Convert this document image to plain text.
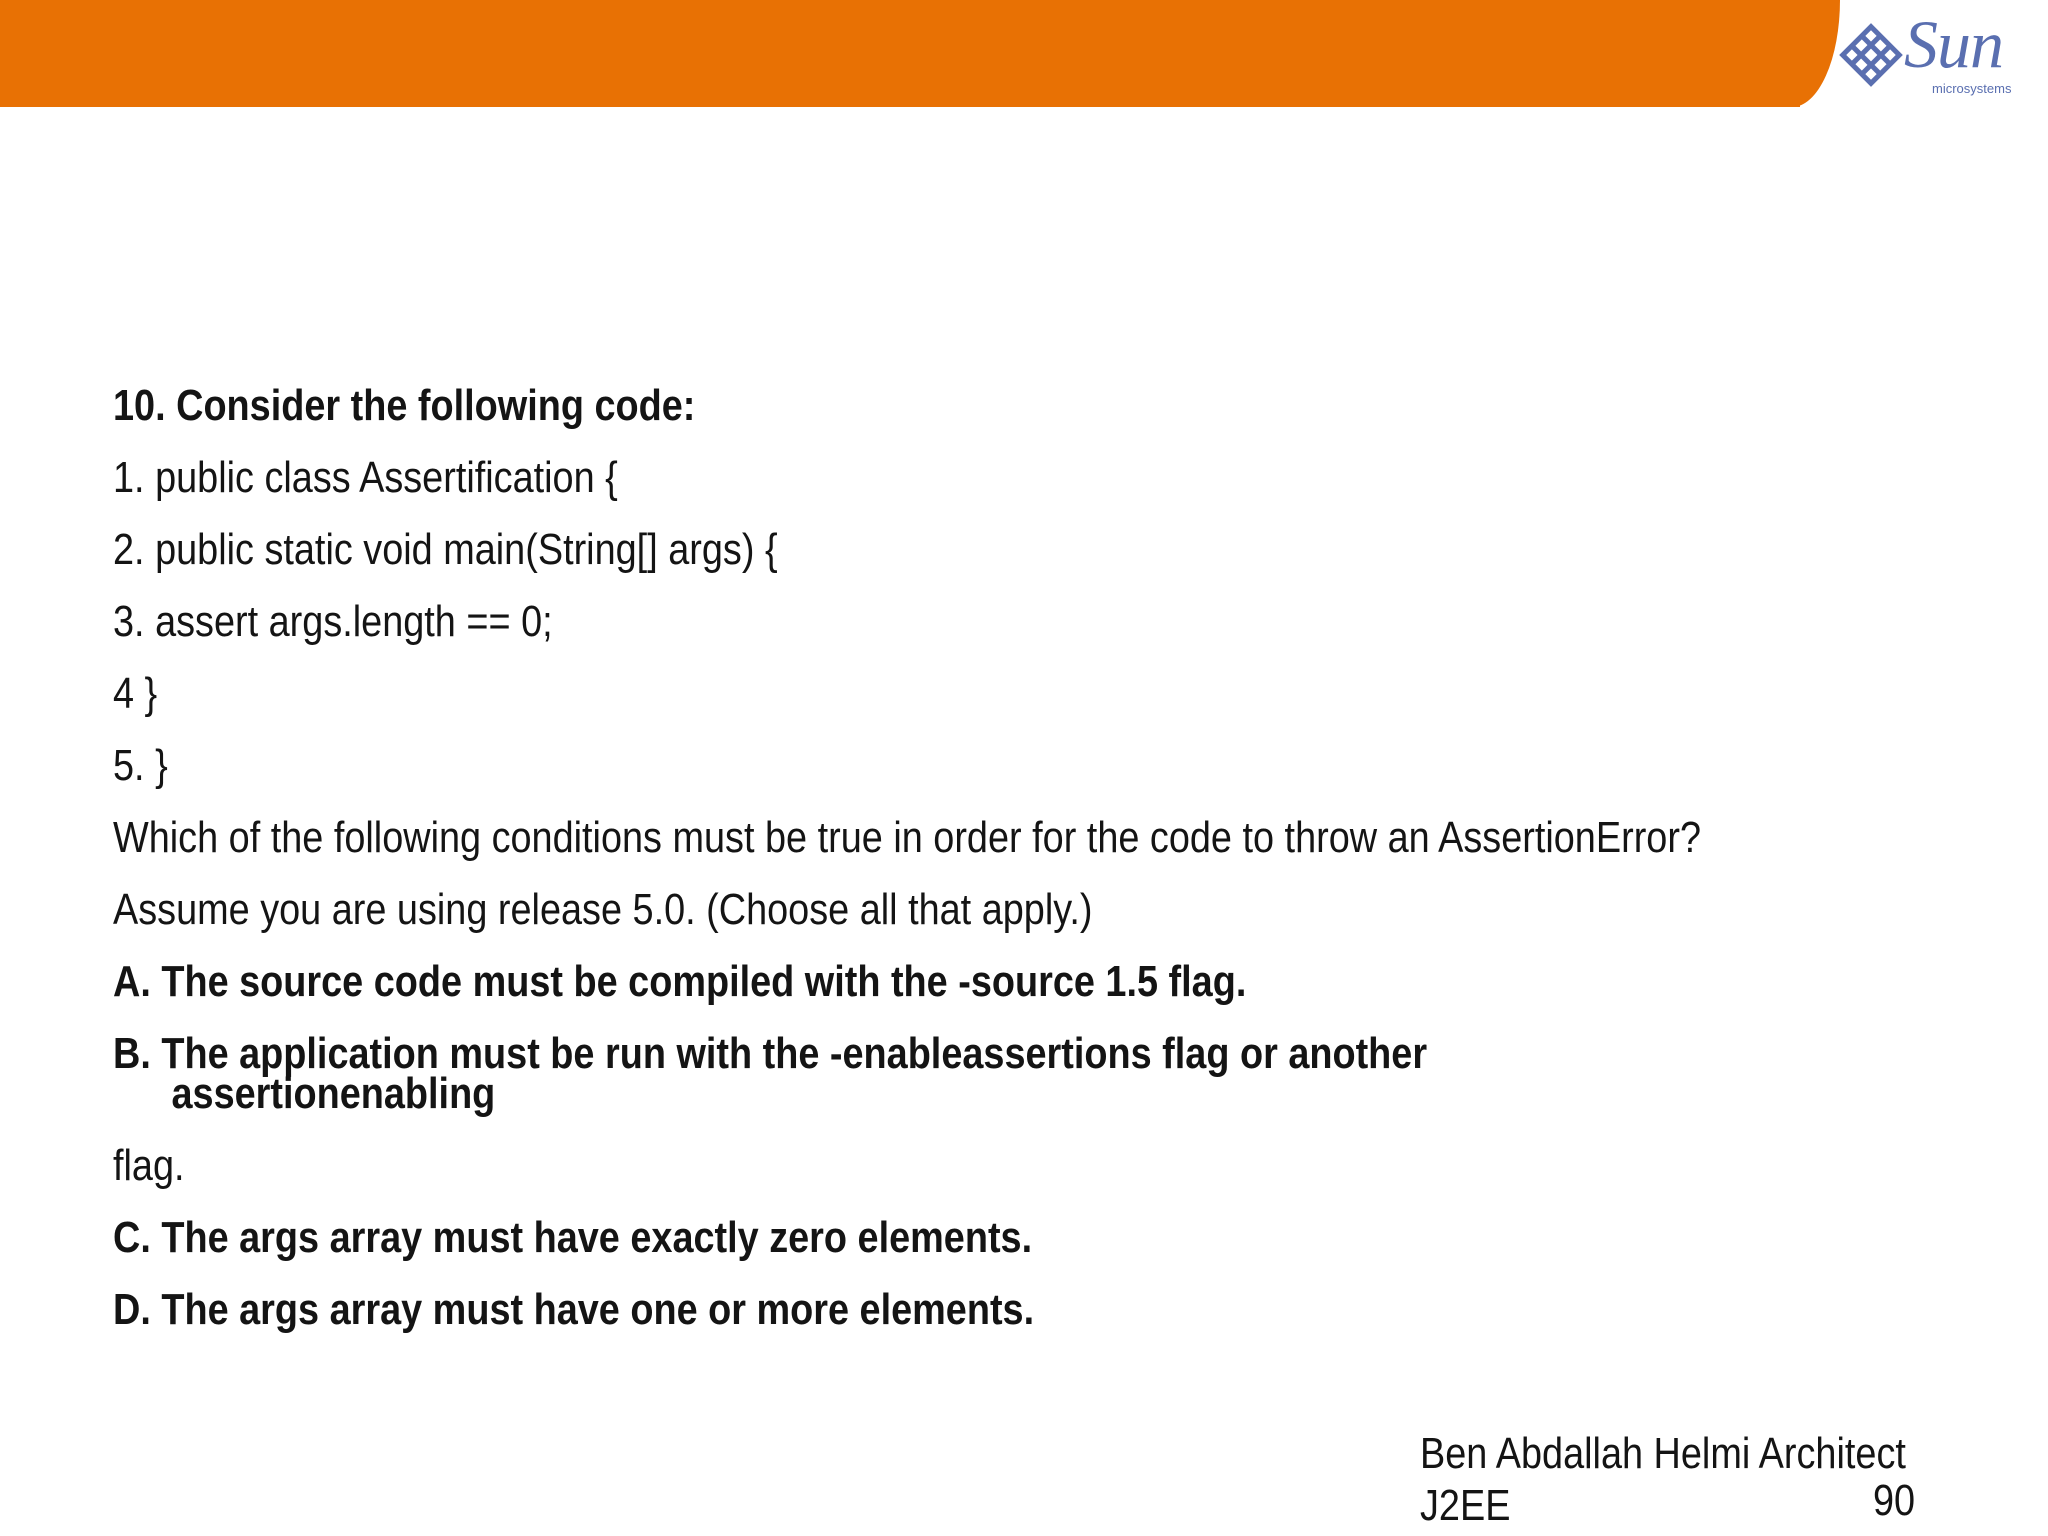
Sun
microsystems
10. Consider the following code:
1. public class Assertification {
2. public static void main(String[] args) {
3. assert args.length == 0;
4 }
5. }
Which of the following conditions must be true in order for the code to throw an AssertionError?
Assume you are using release 5.0. (Choose all that apply.)
A. The source code must be compiled with the -source 1.5 flag.
B. The application must be run with the -enableassertions flag or another
assertionenabling
flag.
C. The args array must have exactly zero elements.
D. The args array must have one or more elements.
Ben Abdallah Helmi Architect
J2EE	90
